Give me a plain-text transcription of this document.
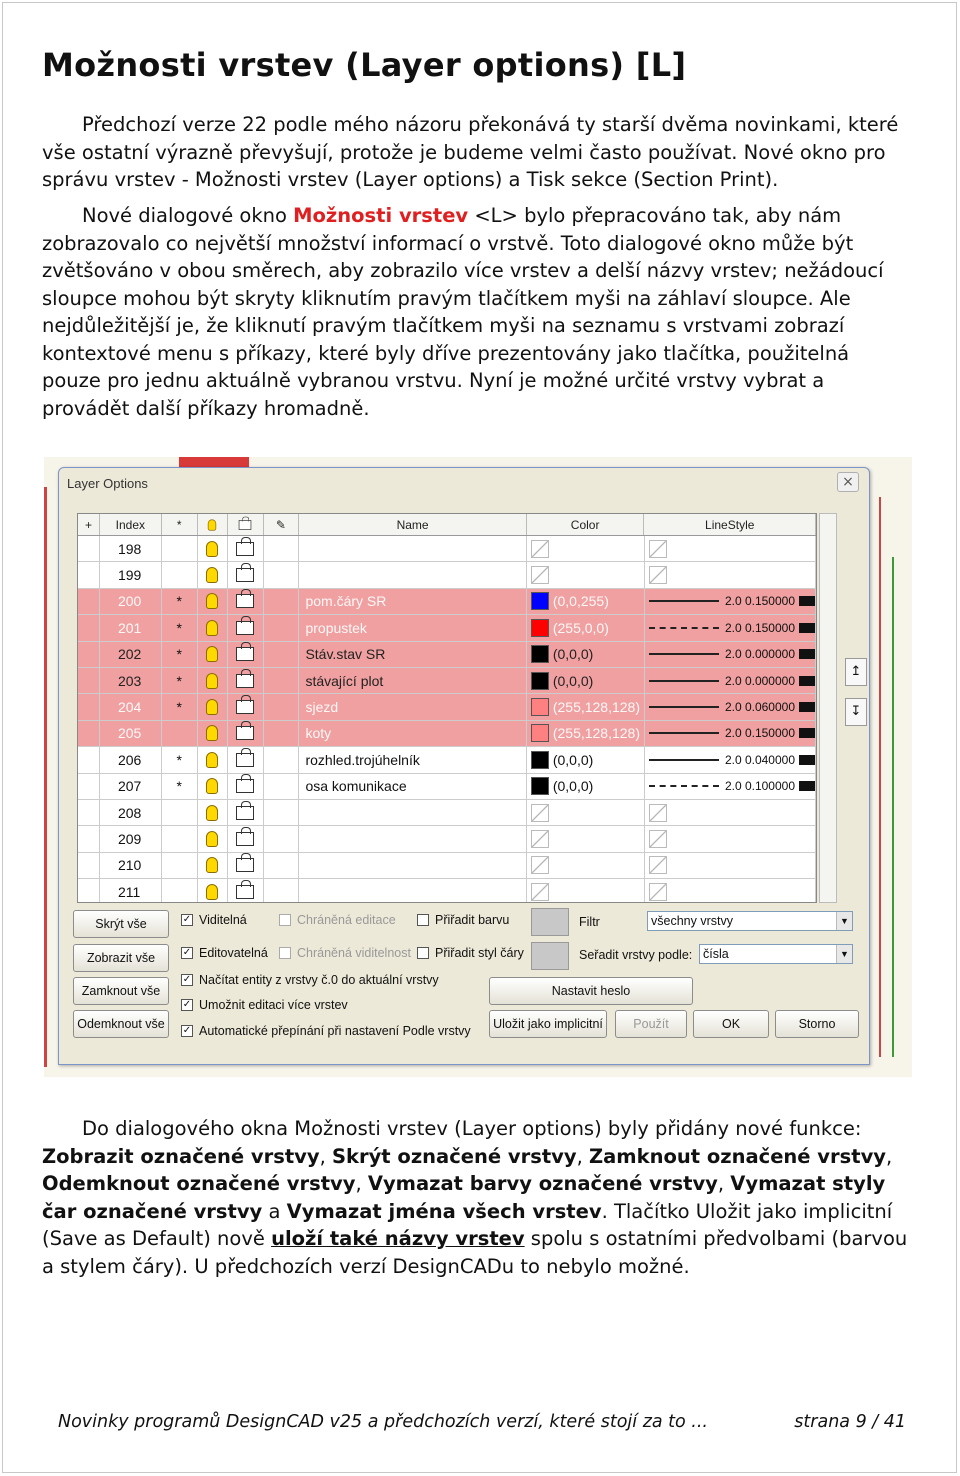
Možnosti vrstev (Layer options) [L]

Předchozí verze 22 podle mého názoru překonává ty starší dvěma novinkami, které vše ostatní výrazně převyšují, protože je budeme velmi často používat. Nové okno pro správu vrstev - Možnosti vrstev (Layer options) a Tisk sekce (Section Print).

Nové dialogové okno Možnosti vrstev <L> bylo přepracováno tak, aby nám zobrazovalo co největší množství informací o vrstvě. Toto dialogové okno může být zvětšováno v obou směrech, aby zobrazilo více vrstev a delší názvy vrstev; nežádoucí sloupce mohou být skryty kliknutím pravým tlačítkem myši na záhlaví sloupce. Ale nejdůležitější je, že kliknutí pravým tlačítkem myši na seznamu s vrstvami zobrazí kontextové menu s příkazy, které byly dříve prezentovány jako tlačítka, použitelná pouze pro jednu aktuálně vybranou vrstvu. Nyní je možné určité vrstvy vybrat a provádět další příkazy hromadně.

Layer Options	×
+	Index	*	✎	Name	Color	LineStyle
198
199
200	*	pom.čáry SR	(0,0,255)	2.0 0.150000
201	*	propustek	(255,0,0)	2.0 0.150000
202	*	Stáv.stav SR	(0,0,0)	2.0 0.000000
203	*	stávající plot	(0,0,0)	2.0 0.000000
204	*	sjezd	(255,128,128)	2.0 0.060000
205	koty	(255,128,128)	2.0 0.150000
206	*	rozhled.trojúhelník	(0,0,0)	2.0 0.040000
207	*	osa komunikace	(0,0,0)	2.0 0.100000
208
209
210
211
↥
↧
Skrýt vše
Zobrazit vše
Zamknout vše
Odemknout vše
✓ Viditelná	Chráněná editace	Přiřadit barvu
✓ Editovatelná Chráněná viditelnost Přiřadit styl čáry
✓ Načítat entity z vrstvy č.0 do aktuální vrstvy
✓ Umožnit editaci více vrstev
✓ Automatické přepínání při nastavení Podle vrstvy
Filtr	všechny vrstvy	▼
Seřadit vrstvy podle: čísla	▼
Nastavit heslo
Uložit jako implicitní	Použít	OK	Storno

Do dialogového okna Možnosti vrstev (Layer options) byly přidány nové funkce: Zobrazit označené vrstvy, Skrýt označené vrstvy, Zamknout označené vrstvy, Odemknout označené vrstvy, Vymazat barvy označené vrstvy, Vymazat styly čar označené vrstvy a Vymazat jména všech vrstev. Tlačítko Uložit jako implicitní (Save as Default) nově uloží také názvy vrstev spolu s ostatními předvolbami (barvou a stylem čáry). U předchozích verzí DesignCADu to nebylo možné.

Novinky programů DesignCAD v25 a předchozích verzí, které stojí za to ...	strana 9 / 41
